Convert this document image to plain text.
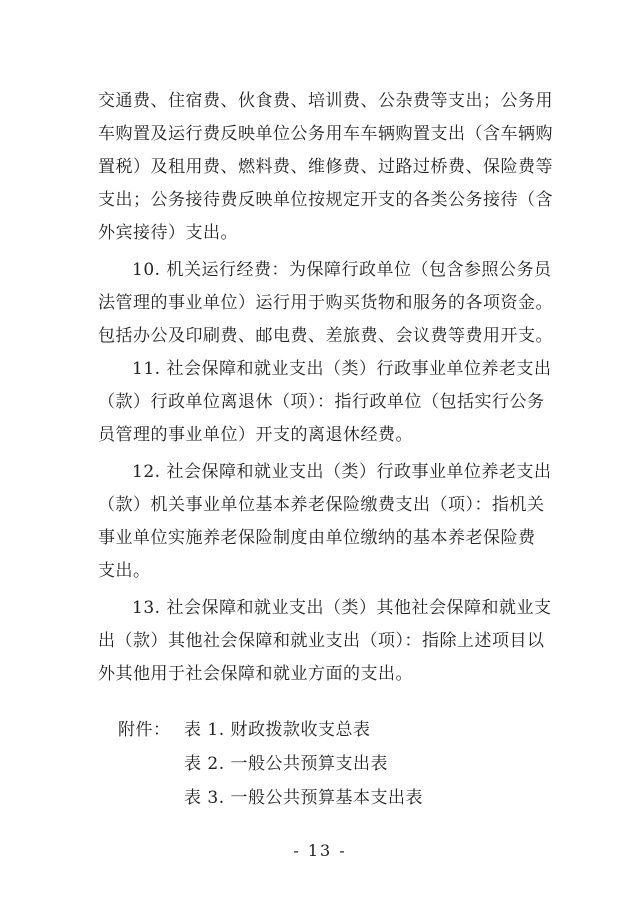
交通费、住宿费、伙食费、培训费、公杂费等支出；公务用
车购置及运行费反映单位公务用车车辆购置支出（含车辆购
置税）及租用费、燃料费、维修费、过路过桥费、保险费等
支出；公务接待费反映单位按规定开支的各类公务接待（含
外宾接待）支出。
10. 机关运行经费：为保障行政单位（包含参照公务员
法管理的事业单位）运行用于购买货物和服务的各项资金。
包括办公及印刷费、邮电费、差旅费、会议费等费用开支。
11. 社会保障和就业支出（类）行政事业单位养老支出
（款）行政单位离退休（项）：指行政单位（包括实行公务
员管理的事业单位）开支的离退休经费。
12. 社会保障和就业支出（类）行政事业单位养老支出
（款）机关事业单位基本养老保险缴费支出（项）：指机关
事业单位实施养老保险制度由单位缴纳的基本养老保险费
支出。
13. 社会保障和就业支出（类）其他社会保障和就业支
出（款）其他社会保障和就业支出（项）：指除上述项目以
外其他用于社会保障和就业方面的支出。
附件： 表 1. 财政拨款收支总表
表 2. 一般公共预算支出表
表 3. 一般公共预算基本支出表
- 13 -
